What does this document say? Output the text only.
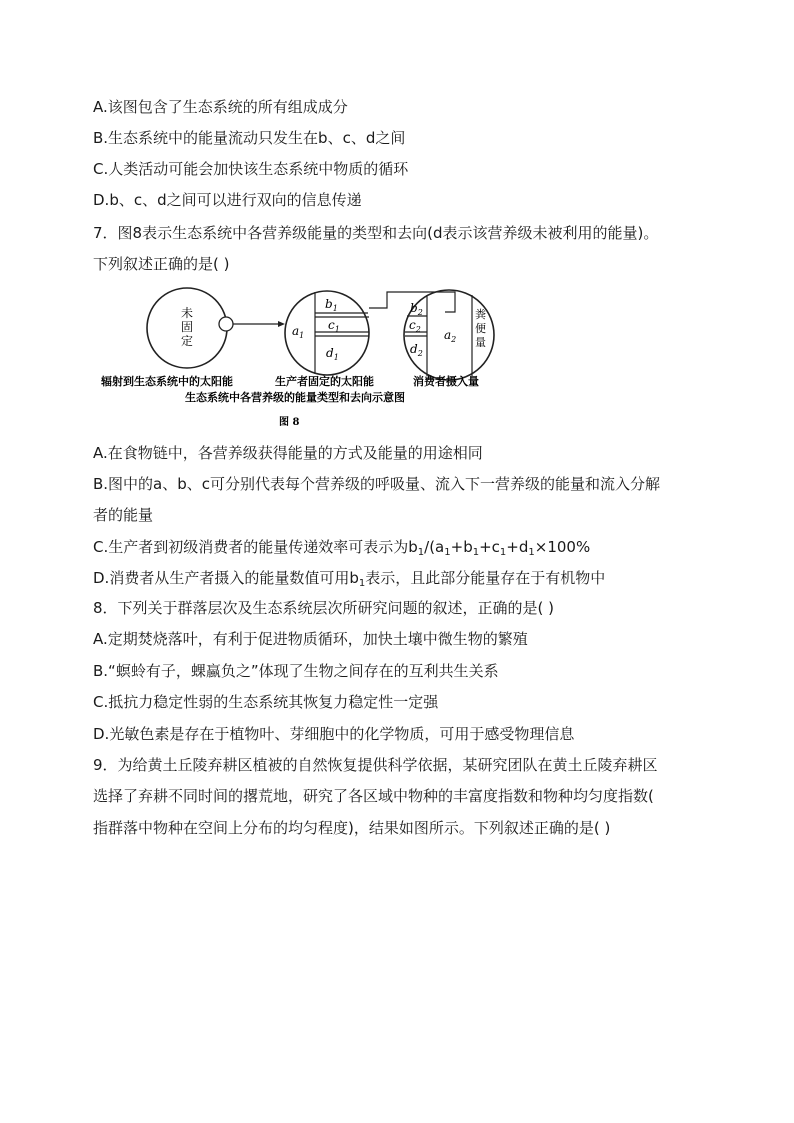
A.该图包含了生态系统的所有组成成分
B.生态系统中的能量流动只发生在b、c、d之间
C.人类活动可能会加快该生态系统中物质的循环
D.b、c、d之间可以进行双向的信息传递
7．图8表示生态系统中各营养级能量的类型和去向(d表示该营养级未被利用的能量)。
下列叙述正确的是( )
未
固
定
$a_1$
$b_1$
$c_1$
$d_1$
$b_2$
$c_2$
$d_2$
$a_2$
粪
便
量
辐射到生态系统中的太阳能	生产者固定的太阳能	消费者摄入量
生态系统中各营养级的能量类型和去向示意图
图 8
A.在食物链中，各营养级获得能量的方式及能量的用途相同
B.图中的a、b、c可分别代表每个营养级的呼吸量、流入下一营养级的能量和流入分解
者的能量
C.生产者到初级消费者的能量传递效率可表示为$b_1/(a_1+b_1+c_1+d_1\times 100\%$
D.消费者从生产者摄入的能量数值可用$b_1$表示，且此部分能量存在于有机物中
8．下列关于群落层次及生态系统层次所研究问题的叙述，正确的是( )
A.定期焚烧落叶，有利于促进物质循环，加快土壤中微生物的繁殖
B.“螟蛉有子，蜾蠃负之”体现了生物之间存在的互利共生关系
C.抵抗力稳定性弱的生态系统其恢复力稳定性一定强
D.光敏色素是存在于植物叶、芽细胞中的化学物质，可用于感受物理信息
9．为给黄土丘陵弃耕区植被的自然恢复提供科学依据，某研究团队在黄土丘陵弃耕区
选择了弃耕不同时间的撂荒地，研究了各区域中物种的丰富度指数和物种均匀度指数(
指群落中物种在空间上分布的均匀程度)，结果如图所示。下列叙述正确的是( )
